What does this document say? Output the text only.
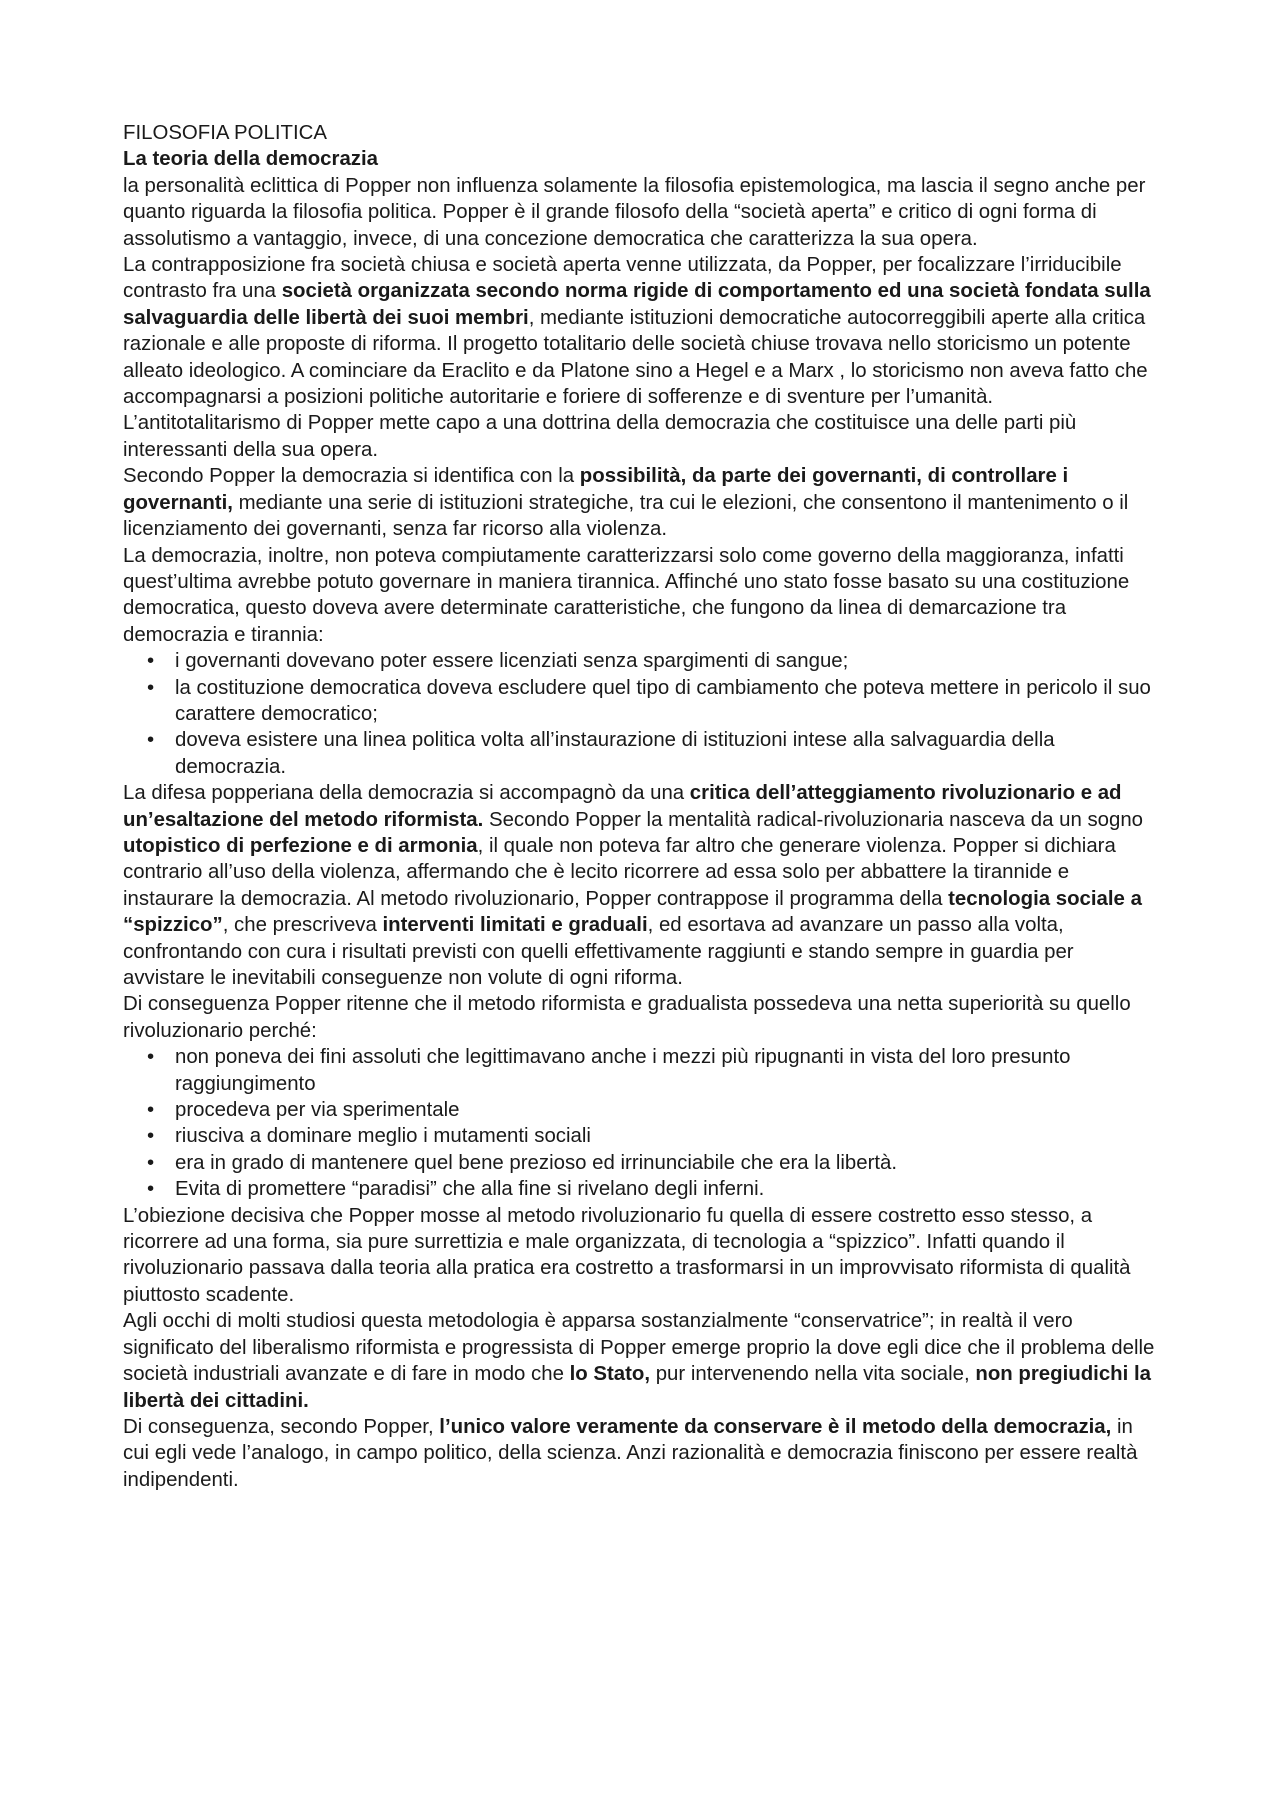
FILOSOFIA POLITICA

La teoria della democrazia

la personalità eclittica di Popper non influenza solamente la filosofia epistemologica, ma lascia il segno anche per quanto riguarda la filosofia politica. Popper è il grande filosofo della “società aperta” e critico di ogni forma di assolutismo a vantaggio, invece, di una concezione democratica che caratterizza la sua opera.

La contrapposizione fra società chiusa e società aperta venne utilizzata, da Popper, per focalizzare l’irriducibile contrasto fra una società organizzata secondo norma rigide di comportamento ed una società fondata sulla salvaguardia delle libertà dei suoi membri, mediante istituzioni democratiche autocorreggibili aperte alla critica razionale e alle proposte di riforma. Il progetto totalitario delle società chiuse trovava nello storicismo un potente alleato ideologico. A cominciare da Eraclito e da Platone sino a Hegel e a Marx , lo storicismo non aveva fatto che accompagnarsi a posizioni politiche autoritarie e foriere di sofferenze e di sventure per l’umanità.

L’antitotalitarismo di Popper mette capo a una dottrina della democrazia che costituisce una delle parti più interessanti della sua opera.

Secondo Popper la democrazia si identifica con la possibilità, da parte dei governanti, di controllare i governanti, mediante una serie di istituzioni strategiche, tra cui le elezioni, che consentono il mantenimento o il licenziamento dei governanti, senza far ricorso alla violenza.

La democrazia, inoltre, non poteva compiutamente caratterizzarsi solo come governo della maggioranza, infatti quest’ultima avrebbe potuto governare in maniera tirannica. Affinché uno stato fosse basato su una costituzione democratica, questo doveva avere determinate caratteristiche, che fungono da linea di demarcazione tra democrazia e tirannia:

• i governanti dovevano poter essere licenziati senza spargimenti di sangue;
• la costituzione democratica doveva escludere quel tipo di cambiamento che poteva mettere in pericolo il suo carattere democratico;
• doveva esistere una linea politica volta all’instaurazione di istituzioni intese alla salvaguardia della democrazia.

La difesa popperiana della democrazia si accompagnò da una critica dell’atteggiamento rivoluzionario e ad un’esaltazione del metodo riformista. Secondo Popper la mentalità radical-rivoluzionaria nasceva da un sogno utopistico di perfezione e di armonia, il quale non poteva far altro che generare violenza. Popper si dichiara contrario all’uso della violenza, affermando che è lecito ricorrere ad essa solo per abbattere la tirannide e instaurare la democrazia. Al metodo rivoluzionario, Popper contrappose il programma della tecnologia sociale a “spizzico”, che prescriveva interventi limitati e graduali, ed esortava ad avanzare un passo alla volta, confrontando con cura i risultati previsti con quelli effettivamente raggiunti e stando sempre in guardia per avvistare le inevitabili conseguenze non volute di ogni riforma.

Di conseguenza Popper ritenne che il metodo riformista e gradualista possedeva una netta superiorità su quello rivoluzionario perché:

• non poneva dei fini assoluti che legittimavano anche i mezzi più ripugnanti in vista del loro presunto raggiungimento
• procedeva per via sperimentale
• riusciva a dominare meglio i mutamenti sociali
• era in grado di mantenere quel bene prezioso ed irrinunciabile che era la libertà.
• Evita di promettere “paradisi” che alla fine si rivelano degli inferni.

L’obiezione decisiva che Popper mosse al metodo rivoluzionario fu quella di essere costretto esso stesso, a ricorrere ad una forma, sia pure surrettizia e male organizzata, di tecnologia a “spizzico”. Infatti quando il rivoluzionario passava dalla teoria alla pratica era costretto a trasformarsi in un improvvisato riformista di qualità piuttosto scadente.

Agli occhi di molti studiosi questa metodologia è apparsa sostanzialmente “conservatrice”; in realtà il vero significato del liberalismo riformista e progressista di Popper emerge proprio la dove egli dice che il problema delle società industriali avanzate e di fare in modo che lo Stato, pur intervenendo nella vita sociale, non pregiudichi la libertà dei cittadini.

Di conseguenza, secondo Popper, l’unico valore veramente da conservare è il metodo della democrazia, in cui egli vede l’analogo, in campo politico, della scienza. Anzi razionalità e democrazia finiscono per essere realtà indipendenti.
